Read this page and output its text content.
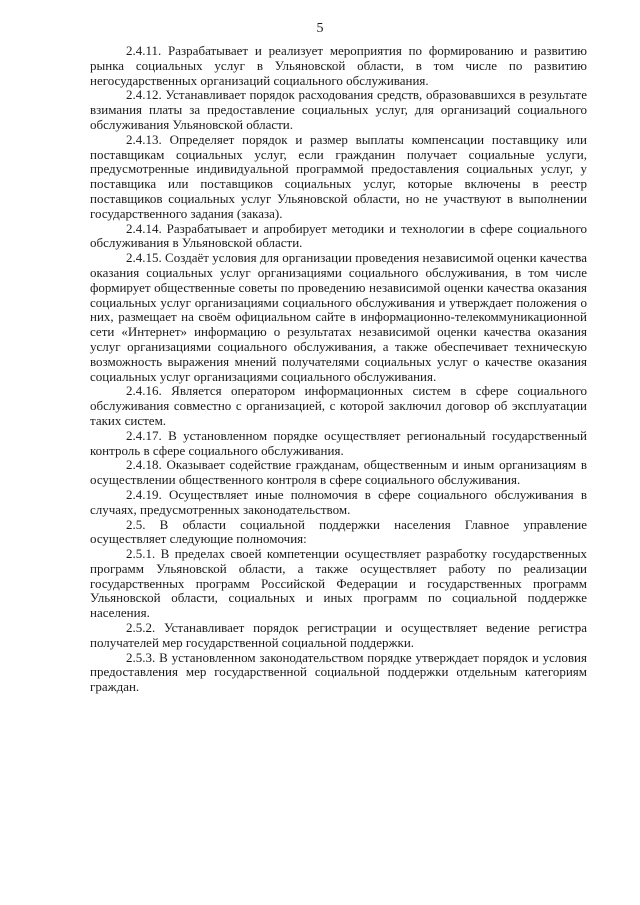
5

2.4.11. Разрабатывает и реализует мероприятия по формированию и развитию рынка социальных услуг в Ульяновской области, в том числе по развитию негосударственных организаций социального обслуживания.

2.4.12. Устанавливает порядок расходования средств, образовавшихся в результате взимания платы за предоставление социальных услуг, для организаций социального обслуживания Ульяновской области.

2.4.13. Определяет порядок и размер выплаты компенсации поставщику или поставщикам социальных услуг, если гражданин получает социальные услуги, предусмотренные индивидуальной программой предоставления социальных услуг, у поставщика или поставщиков социальных услуг, которые включены в реестр поставщиков социальных услуг Ульяновской области, но не участвуют в выполнении государственного задания (заказа).

2.4.14. Разрабатывает и апробирует методики и технологии в сфере социального обслуживания в Ульяновской области.

2.4.15. Создаёт условия для организации проведения независимой оценки качества оказания социальных услуг организациями социального обслуживания, в том числе формирует общественные советы по проведению независимой оценки качества оказания социальных услуг организациями социального обслуживания и утверждает положения о них, размещает на своём официальном сайте в информационно-телекоммуникационной сети «Интернет» информацию о результатах независимой оценки качества оказания услуг организациями социального обслуживания, а также обеспечивает техническую возможность выражения мнений получателями социальных услуг о качестве оказания социальных услуг организациями социального обслуживания.

2.4.16. Является оператором информационных систем в сфере социального обслуживания совместно с организацией, с которой заключил договор об эксплуатации таких систем.

2.4.17. В установленном порядке осуществляет региональный государственный контроль в сфере социального обслуживания.

2.4.18. Оказывает содействие гражданам, общественным и иным организациям в осуществлении общественного контроля в сфере социального обслуживания.

2.4.19. Осуществляет иные полномочия в сфере социального обслуживания в случаях, предусмотренных законодательством.

2.5. В области социальной поддержки населения Главное управление осуществляет следующие полномочия:

2.5.1. В пределах своей компетенции осуществляет разработку государственных программ Ульяновской области, а также осуществляет работу по реализации государственных программ Российской Федерации и государственных программ Ульяновской области, социальных и иных программ по социальной поддержке населения.

2.5.2. Устанавливает порядок регистрации и осуществляет ведение регистра получателей мер государственной социальной поддержки.

2.5.3. В установленном законодательством порядке утверждает порядок и условия предоставления мер государственной социальной поддержки отдельным категориям граждан.
